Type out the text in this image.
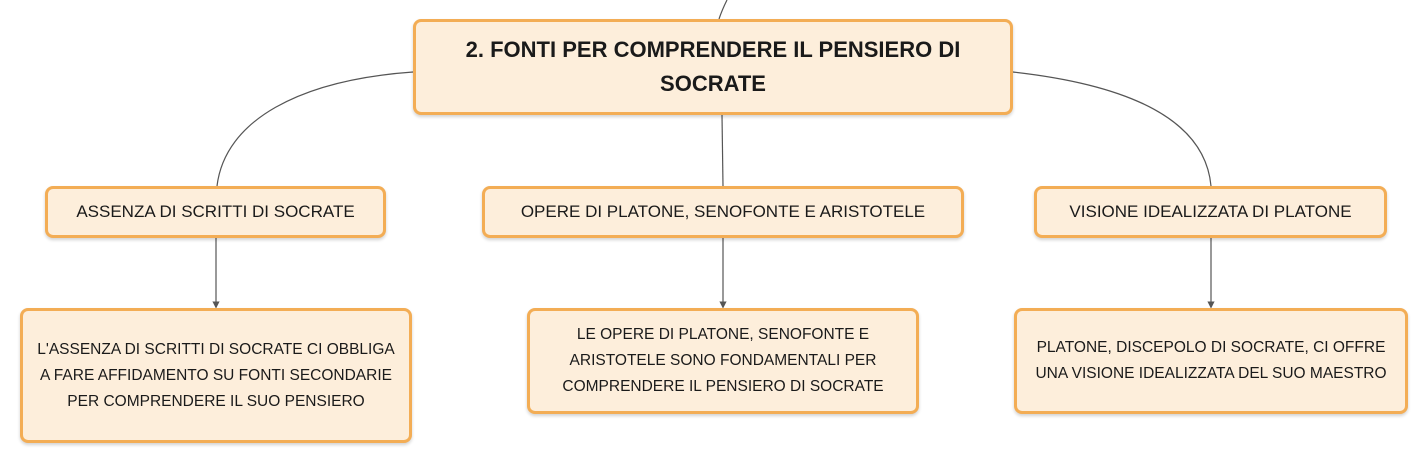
2. FONTI PER COMPRENDERE IL PENSIERO DI SOCRATE
ASSENZA DI SCRITTI DI SOCRATE	OPERE DI PLATONE, SENOFONTE E ARISTOTELE	VISIONE IDEALIZZATA DI PLATONE
L'ASSENZA DI SCRITTI DI SOCRATE CI OBBLIGA A FARE AFFIDAMENTO SU FONTI SECONDARIE PER COMPRENDERE IL SUO PENSIERO
LE OPERE DI PLATONE, SENOFONTE E ARISTOTELE SONO FONDAMENTALI PER COMPRENDERE IL PENSIERO DI SOCRATE
PLATONE, DISCEPOLO DI SOCRATE, CI OFFRE UNA VISIONE IDEALIZZATA DEL SUO MAESTRO
